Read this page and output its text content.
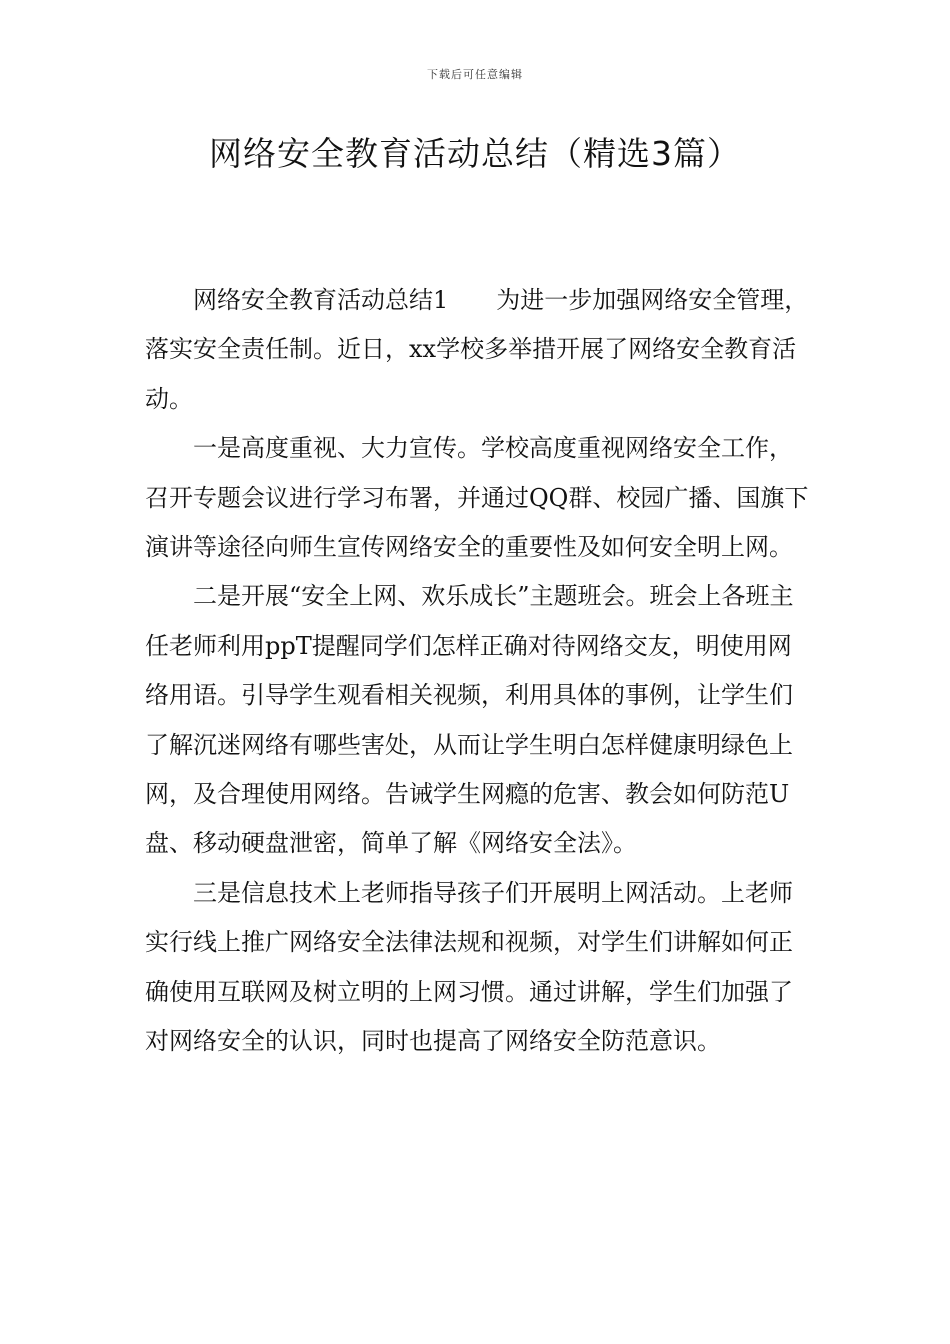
下载后可任意编辑
网络安全教育活动总结（精选3篇）

网络安全教育活动总结1 为进一步加强网络安全管理，落实安全责任制。近日，xx学校多举措开展了网络安全教育活动。

一是高度重视、大力宣传。学校高度重视网络安全工作，召开专题会议进行学习布署，并通过QQ群、校园广播、国旗下演讲等途径向师生宣传网络安全的重要性及如何安全明上网。

二是开展“安全上网、欢乐成长”主题班会。班会上各班主任老师利用ppT提醒同学们怎样正确对待网络交友，明使用网络用语。引导学生观看相关视频，利用具体的事例，让学生们了解沉迷网络有哪些害处，从而让学生明白怎样健康明绿色上网，及合理使用网络。告诫学生网瘾的危害、教会如何防范U盘、移动硬盘泄密，简单了解《网络安全法》。

三是信息技术上老师指导孩子们开展明上网活动。上老师实行线上推广网络安全法律法规和视频，对学生们讲解如何正确使用互联网及树立明的上网习惯。通过讲解，学生们加强了对网络安全的认识，同时也提高了网络安全防范意识。
